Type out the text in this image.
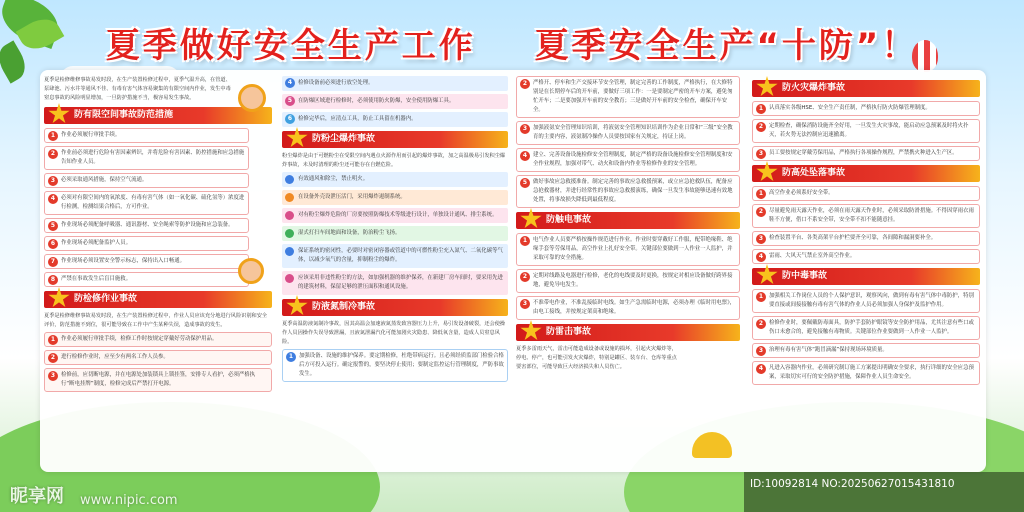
夏季做好安全生产工作 夏季安全生产“十防”！
夏季是检修维修事故易发时段，在生产装置检修过程中，夏季气温升高，在管道、泵肆池、污水井等通风不佳、有毒有害气体容易聚集的有限空间内作业，发生中毒窒息事故的风险明显增加，一旦防护措施不当，极容易发生事故。
防有限空间事故防范措施
1	作业必须履行审批手续。
2	作业前必须进行危险有害因素辨识，并将危险有害因素、防控措施和应急措施告知作业人员。
3	必须采取通风措施，保持空气流通。
4	必须对有限空间内的氧浓度、有毒有害气体（如一氧化碳、硫化氢等）浓度进行检测，检测结果合格后，方可作业。
5	作业现场必须配备呼吸器、通讯器材、安全绳索等防护设施和应急装备。
6	作业现场必须配备监护人员。
7	作业现场必须设置安全警示标志，保持出入口畅通。
8	严禁在事故发生后盲目施救。
防检修作业事故
夏季是检修维修事故易发时段，在生产装置检修过程中，作业人员应该充分地进行风险识别和安全评价，防范措施不到位，很可能导致在工作中产生某种失误，造成事故的发生。
1	作业必须履行审批手续，检修工作时按规定穿戴好劳动保护用品。
2	进行检修作业时，应至少有两名工作人员参。
3	检修前，应切断电源，并在电源处加装锁具上锁挂签，安排专人看护，必须严格执行“断电挂牌”制度，检修完成后严禁打开电源。
4	检修设备前必须进行放空处理。
5	在防爆区域进行检修时，必须使用防火防爆，安全使用防爆工具。
6	检修完毕后，应清点工具，防止工具留在机器内。
防粉尘爆炸事故
粉尘爆炸是由于可燃粉尘在受限空间内遇点火源作用而引起的爆炸事故，加之高温极易引发积尘爆炸事故，未及时清理的粉尘还可能存在自燃危险。
有效通风和除尘，禁止明火。
在设备外壳设泄压活门，采用爆炸遏制系统。
对有粉尘爆炸危险的厂房要按照防爆技术等级进行设计，单独设计通风、排尘系统。
湿式打扫车间地面和设备，防治粉尘飞扬。
保证系统的密闭性，必要时对密闭容器或管道中的可燃性粉尘充入氮气、二氧化碳等气体，以减少氧气的含量，抑制粉尘的爆炸。
应该采用非违性粉尘的方法，如加强机器的维护保养，在新建厂房车间时，要采用先进的建筑材料，保留足够的泄压面积和通风设施。
防液氮制冷事故
夏季高温防液氮制冷事故，因其高温会加速液氮蒸发致容器压力上升，易引发设备破裂，还会使操作人员因操作失误导致泄漏，且液氮泄漏汽化可能加剧火灾隐患、降低氧含量，造成人员窒息风险。
1	加强设备、设施的维护保养。要定期检修，杜绝带病运行。且必须经质监部门检验合格后方可投入运行。确定报警的，要坚决停止使用；要制定监控运行管理制度，严防事故发生。
2	严格开、停车和生产交接环节安全管理，制定完善的工作制度，严格执行，在大修特别是在长期停车后的开车前，要做好三项工作：一是要制定严密的开车方案，避免匆忙开车；二是要加强开车前的安全教育；三是做好开车前的安全检查，确保开车安全。
3	加强液氨安全管理知识培训，将液氨安全管理知识培训作为企业日常和“三级”安全教育的主要内容，液氨制冷操作人员要按国家有关规定，持证上岗。
4	建立、完善设备设施检修安全管理制度，制定严格的设备设施检修安全管理制度和安全作业规程，加强对带气、动火和设备内作业等检修作业的安全管理。
5	做好事故应急救援准备。制定完善的事故应急救援预案，或立应急抢救队伍，配备应急抢救器材，并进行经常性的事故应急救援演练，确保一旦发生事故能够迅速有效地处置，将事故损失降低到最低程度。
防触电事故
1	电气作业人员要严格按操作规范进行作业。作业时要穿戴好工作服，配带绝缘鞋、绝缘手套等劳保用品，高空作业上扎好安全带。关键部位要做到一人作业一人监护，并采取可靠的安全措施。
2	定期对线路及电器进行检修，老化的电线要及时更换，按规定对相应设备做好跨界接地，避免导电发生。
3	不准带电作业，不准乱接临时电线。如生产急需临时电源，必须办理《临时用电票》，由电工接线，并按规定架高和绝缘。
防雷击事故
夏季多雷雨天气，雷击可能造成设备或设施的损坏，引起火灾爆炸等，停电、停产，也可能引发火灾爆炸，特别是罐区、装车台、仓库等重点要害部位，可能导致巨大经济损失和人员伤亡。
防火灾爆炸事故
1	认真落实各级HSE、安全生产责任制，严格执行防火防爆管理制度。
2	定期检查，确保消防设施齐全好用，一旦发生火灾事故，能启动应急预案及时将火扑灭，若火势无法控制应迅速撤离。
3	员工要按规定穿戴劳保用品，严格执行各项操作规程，严禁携火种进入生产区。
防高处坠落事故
1	高空作业必须系好安全带。
2	尽量避免雨天露天作业，必须在雨天露天作业时，必须采取防滑措施。不得因穿雨衣雨鞋不方便，借口不系安全带，安全带不扣不能随意挂。
3	检查装置平台、各类高架平台护栏要齐全可靠，各间隙和漏洞要补全。
4	雷雨、大风天气禁止室外高空作业。
防中毒事故
1	加强相关工作岗位人员的个人保护意识，观察风向，做到有毒有害气体中毒防护，特别要直接或间接接触有毒有害气体的作业人员必须加强人身保护及监护作用。
2	检修作业时，要佩戴防毒面具，防护手套防护眼镜等安全防护用品，尤其注意有些口或伤口未愈合的，避免接触有毒物质。关键部位作业要做到一人作业一人监护。
3	治理有毒有害气体“跑冒滴漏”保持现场环境质量。
4	凡进入容器内作业，必须研究制订施工方案提出明确安全要求，执行详细的安全应急预案，采取切实可行的安全防护措施，保障作业人员生命安全。
昵享网 www.nipic.com
ID:10092814 NO:20250627015431810
